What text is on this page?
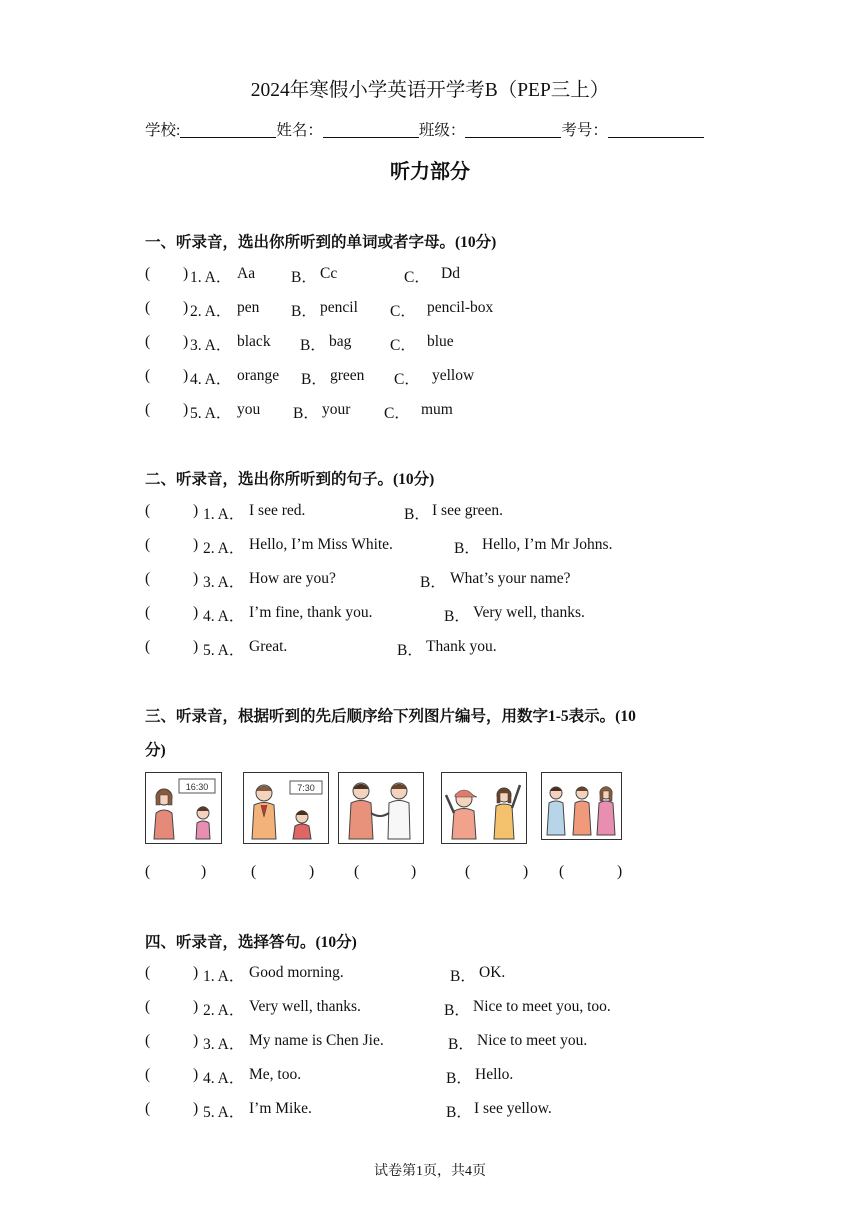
2024年寒假小学英语开学考B（PEP三上）
学校:	姓名：	班级：	考号：
听力部分
一、听录音，选出你所听到的单词或者字母。(10分)
( ) 1. A． Aa B． Cc	C． Dd
( ) 2. A． pen B． pencil C． pencil-box
( ) 3. A． black B． bag C． blue
( ) 4. A． orange B． green C． yellow
( ) 5. A． you B． your C． mum
二、听录音，选出你所听到的句子。(10分)
(	) 1. A． I see red.	B． I see green.
(	) 2. A． Hello, I’m Miss White.	B． Hello, I’m Mr Johns.
(	) 3. A． How are you?	B． What’s your name?
(	) 4. A． I’m fine, thank you.	B． Very well, thanks.
(	) 5. A． Great.	B． Thank you.
三、听录音，根据听到的先后顺序给下列图片编号，用数字1-5表示。(10
分)
16:30	7:30
(	)	(	)	(	)	(	) (	)
四、听录音，选择答句。(10分)
(	) 1. A． Good morning.	B． OK.
(	) 2. A． Very well, thanks.	B． Nice to meet you, too.
(	) 3. A． My name is Chen Jie.	B． Nice to meet you.
(	) 4. A． Me, too.	B． Hello.
(	) 5. A． I’m Mike.	B． I see yellow.
试卷第1页，共4页
